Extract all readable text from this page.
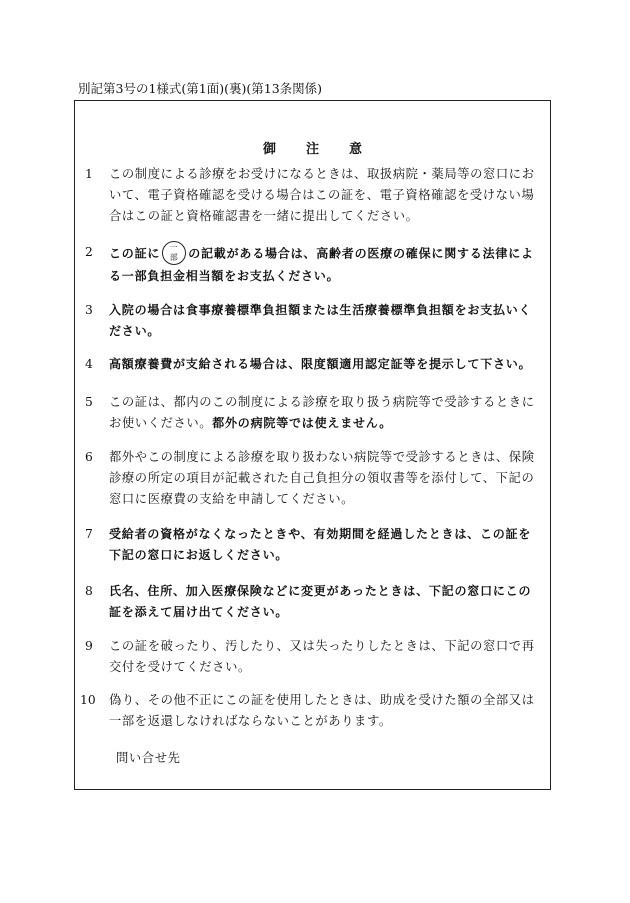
別記第3号の1様式(第1面)(裏)(第13条関係)
御注意
1	この制度による診療をお受けになるときは、取扱病院・薬局等の窓口において、電子資格確認を受ける場合はこの証を、電子資格確認を受けない場合はこの証と資格確認書を一緒に提出してください。
2	この証に	一
部 の記載がある場合は、高齢者の医療の確保に関する法律による一部負担金相当額をお支払ください。
3	入院の場合は食事療養標準負担額または生活療養標準負担額をお支払いください。
4	高額療養費が支給される場合は、限度額適用認定証等を提示して下さい。
5	この証は、都内のこの制度による診療を取り扱う病院等で受診するときにお使いください。都外の病院等では使えません。
6	都外やこの制度による診療を取り扱わない病院等で受診するときは、保険診療の所定の項目が記載された自己負担分の領収書等を添付して、下記の窓口に医療費の支給を申請してください。
7	受給者の資格がなくなったときや、有効期間を経過したときは、この証を下記の窓口にお返しください。
8	氏名、住所、加入医療保険などに変更があったときは、下記の窓口にこの証を添えて届け出てください。
9	この証を破ったり、汚したり、又は失ったりしたときは、下記の窓口で再交付を受けてください。
10	偽り、その他不正にこの証を使用したときは、助成を受けた額の全部又は一部を返還しなければならないことがあります。
問い合せ先
